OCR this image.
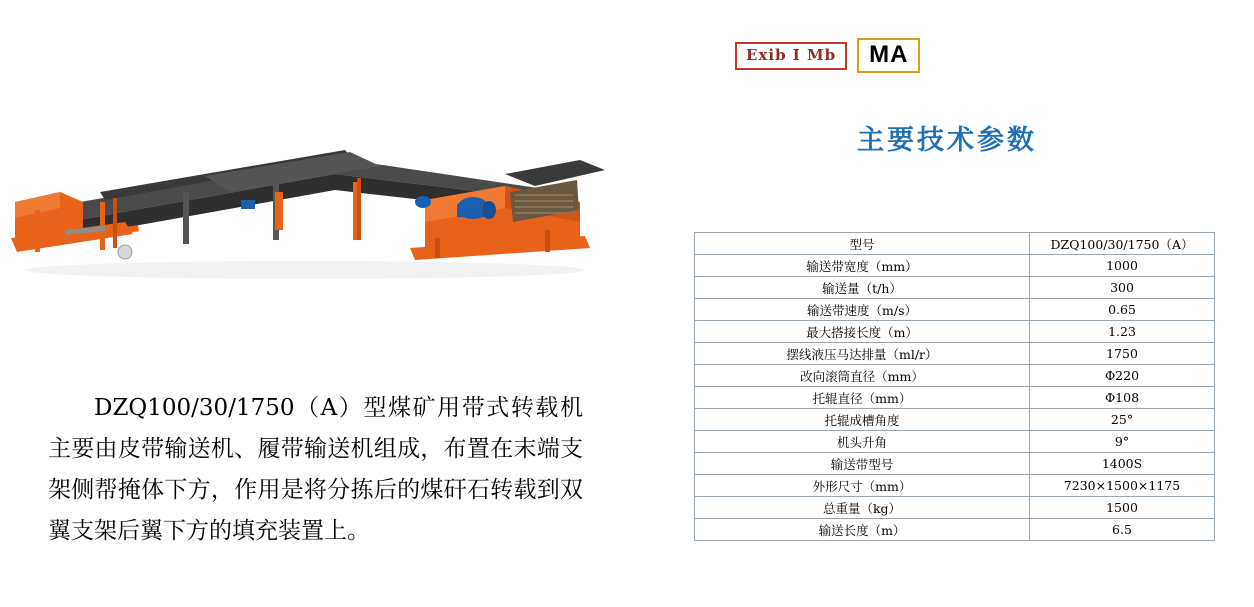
DZQ100/30/1750（A）型煤矿用带式转载机主要由皮带输送机、履带输送机组成，布置在末端支架侧帮掩体下方，作用是将分拣后的煤矸石转载到双翼支架后翼下方的填充装置上。
Exib I Mb	MA
主要技术参数
型号	DZQ100/30/1750（A）
输送带宽度（mm）	1000
输送量（t/h）	300
输送带速度（m/s）	0.65
最大搭接长度（m）	1.23
摆线液压马达排量（ml/r）	1750
改向滚筒直径（mm）	Φ220
托辊直径（mm）	Φ108
托辊成槽角度	25°
机头升角	9°
输送带型号	1400S
外形尺寸（mm）	7230×1500×1175
总重量（kg）	1500
输送长度（m）	6.5
